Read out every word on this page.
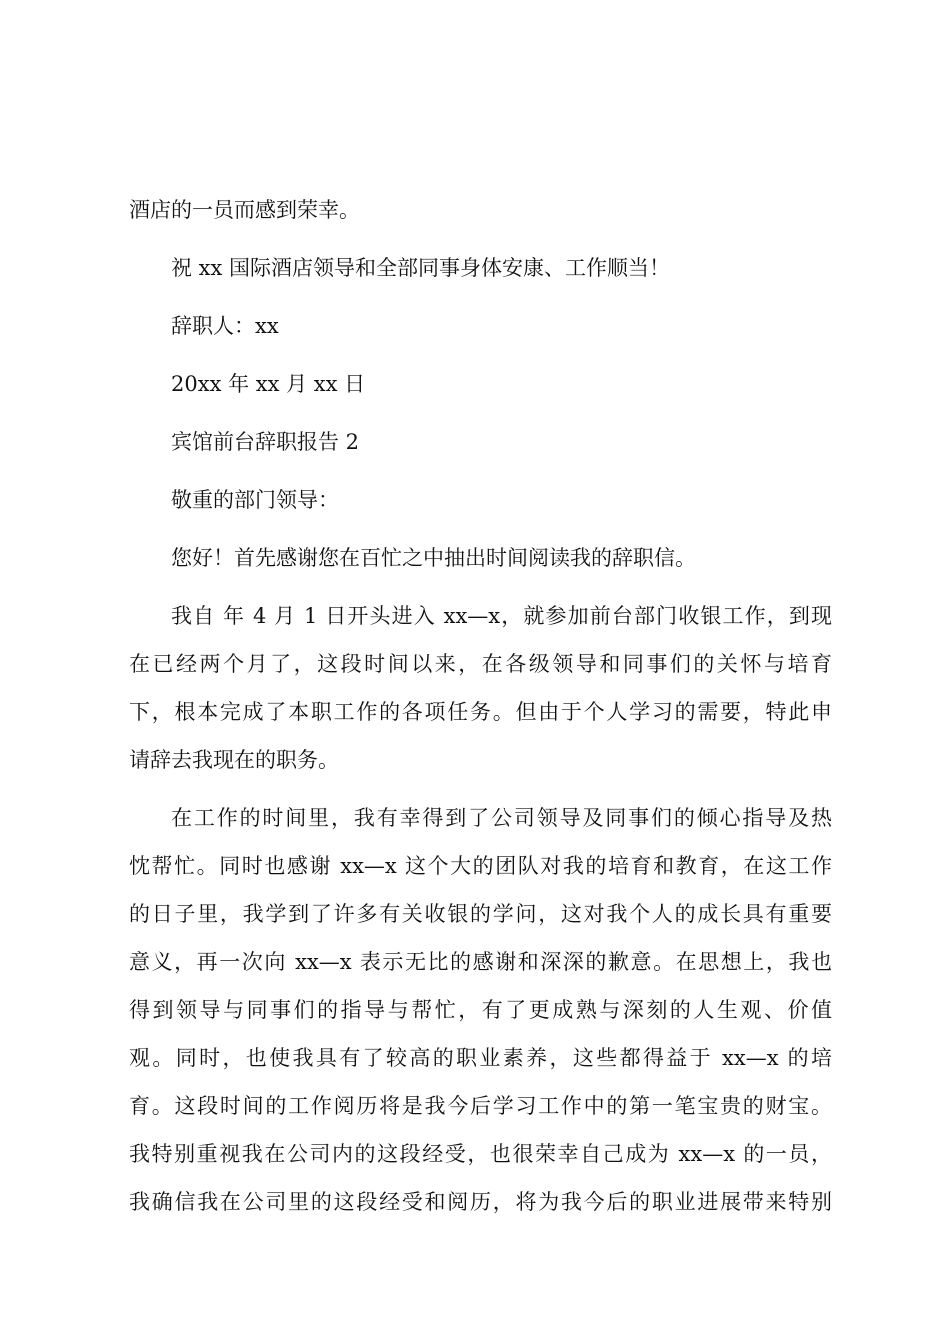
酒店的一员而感到荣幸。
祝 xx 国际酒店领导和全部同事身体安康、工作顺当！
辞职人：xx
20xx 年 xx 月 xx 日
宾馆前台辞职报告 2
敬重的部门领导：
您好！首先感谢您在百忙之中抽出时间阅读我的辞职信。
我自 年 4 月 1 日开头进入 xx—x，就参加前台部门收银工作，到现
在已经两个月了，这段时间以来，在各级领导和同事们的关怀与培育
下，根本完成了本职工作的各项任务。但由于个人学习的需要，特此申
请辞去我现在的职务。
在工作的时间里，我有幸得到了公司领导及同事们的倾心指导及热
忱帮忙。同时也感谢 xx—x 这个大的团队对我的培育和教育，在这工作
的日子里，我学到了许多有关收银的学问，这对我个人的成长具有重要
意义，再一次向 xx—x 表示无比的感谢和深深的歉意。在思想上，我也
得到领导与同事们的指导与帮忙，有了更成熟与深刻的人生观、价值
观。同时，也使我具有了较高的职业素养，这些都得益于 xx—x 的培
育。这段时间的工作阅历将是我今后学习工作中的第一笔宝贵的财宝。
我特别重视我在公司内的这段经受，也很荣幸自己成为 xx—x 的一员，
我确信我在公司里的这段经受和阅历，将为我今后的职业进展带来特别
